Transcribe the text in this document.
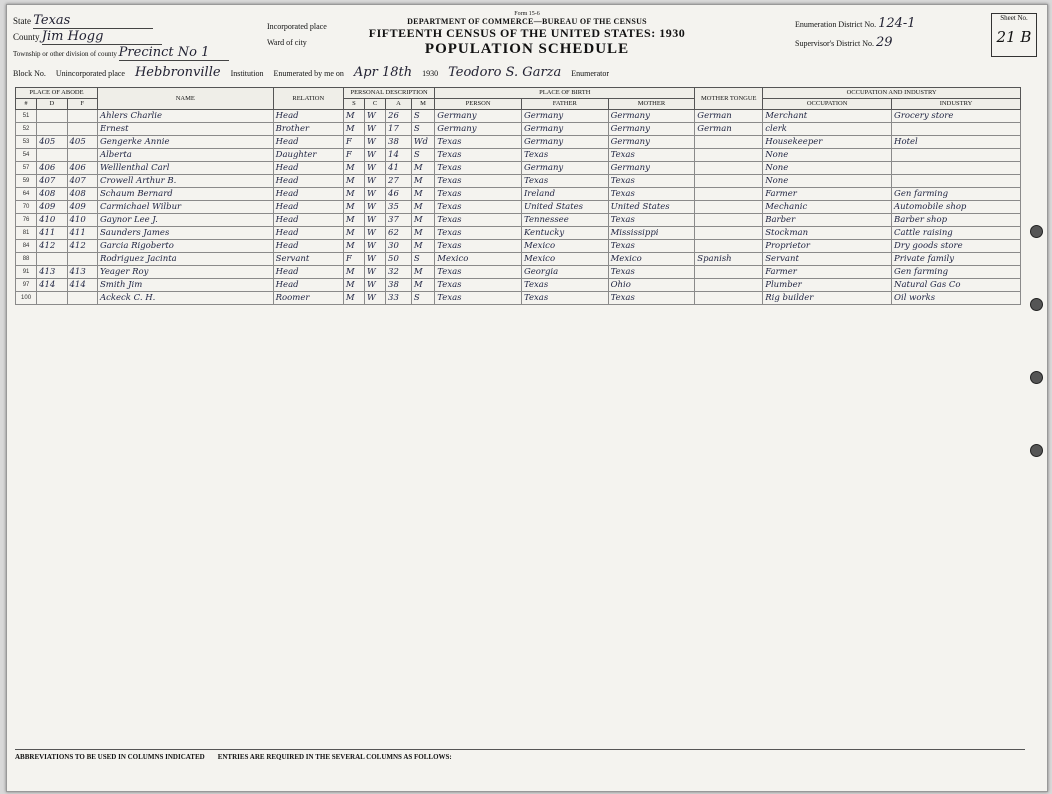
State Texas
County Jim Hogg
Township or other division of county Precinct No 1
Incorporated place
Ward of city
Form 15-6
DEPARTMENT OF COMMERCE—BUREAU OF THE CENSUS
FIFTEENTH CENSUS OF THE UNITED STATES: 1930
POPULATION SCHEDULE
Enumeration District No. 124-1
Supervisor's District No. 29
Sheet No.
21 B
Block No. Unincorporated place Hebbronville Institution Enumerated by me on Apr 18th 1930 Teodoro S. Garza Enumerator
PLACE OF ABODE			NAME	RELATION	PERSONAL DESCRIPTION				PLACE OF BIRTH			MOTHER TONGUE	OCCUPATION AND INDUSTRY	
#	D	F			S	C	A	M	PERSON	FATHER	MOTHER		OCCUPATION	INDUSTRY
51			Ahlers Charlie	Head	M	W	26	S	Germany	Germany	Germany	German	Merchant	Grocery store
52			Ernest	Brother	M	W	17	S	Germany	Germany	Germany	German	clerk	
53	405	405	Gengerke Annie	Head	F	W	38	Wd	Texas	Germany	Germany		Housekeeper	Hotel
54			Alberta	Daughter	F	W	14	S	Texas	Texas	Texas		None	
57	406	406	Welllenthal Carl	Head	M	W	41	M	Texas	Germany	Germany		None	
59	407	407	Crowell Arthur B.	Head	M	W	27	M	Texas	Texas	Texas		None	
64	408	408	Schaum Bernard	Head	M	W	46	M	Texas	Ireland	Texas		Farmer	Gen farming
70	409	409	Carmichael Wilbur	Head	M	W	35	M	Texas	United States	United States		Mechanic	Automobile shop
76	410	410	Gaynor Lee J.	Head	M	W	37	M	Texas	Tennessee	Texas		Barber	Barber shop
81	411	411	Saunders James	Head	M	W	62	M	Texas	Kentucky	Mississippi		Stockman	Cattle raising
84	412	412	Garcia Rigoberto	Head	M	W	30	M	Texas	Mexico	Texas		Proprietor	Dry goods store
88			Rodriguez Jacinta	Servant	F	W	50	S	Mexico	Mexico	Mexico	Spanish	Servant	Private family
91	413	413	Yeager Roy	Head	M	W	32	M	Texas	Georgia	Texas		Farmer	Gen farming
97	414	414	Smith Jim	Head	M	W	38	M	Texas	Texas	Ohio		Plumber	Natural Gas Co
100			Ackeck C. H.	Roomer	M	W	33	S	Texas	Texas	Texas		Rig builder	Oil works
ABBREVIATIONS TO BE USED IN COLUMNS INDICATED ENTRIES ARE REQUIRED IN THE SEVERAL COLUMNS AS FOLLOWS:
